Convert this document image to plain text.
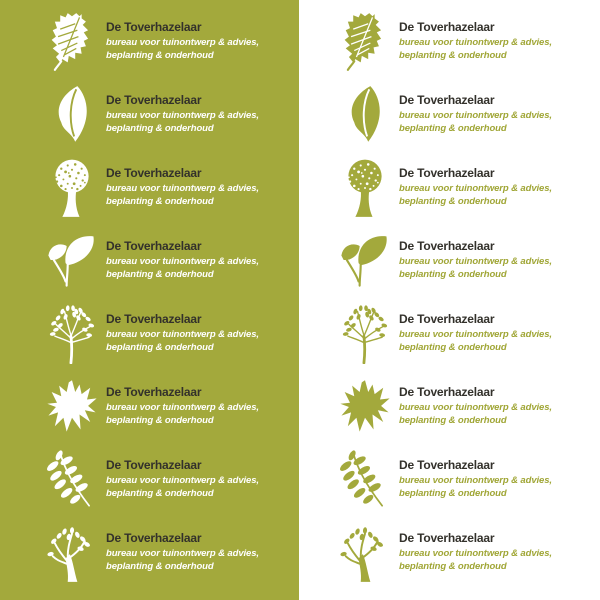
De Toverhazelaar
bureau voor tuinontwerp & advies,
beplanting & onderhoud
De Toverhazelaar
bureau voor tuinontwerp & advies,
beplanting & onderhoud
De Toverhazelaar
bureau voor tuinontwerp & advies,
beplanting & onderhoud
De Toverhazelaar
bureau voor tuinontwerp & advies,
beplanting & onderhoud
De Toverhazelaar
bureau voor tuinontwerp & advies,
beplanting & onderhoud
De Toverhazelaar
bureau voor tuinontwerp & advies,
beplanting & onderhoud
De Toverhazelaar
bureau voor tuinontwerp & advies,
beplanting & onderhoud
De Toverhazelaar
bureau voor tuinontwerp & advies,
beplanting & onderhoud
De Toverhazelaar
bureau voor tuinontwerp & advies,
beplanting & onderhoud
De Toverhazelaar
bureau voor tuinontwerp & advies,
beplanting & onderhoud
De Toverhazelaar
bureau voor tuinontwerp & advies,
beplanting & onderhoud
De Toverhazelaar
bureau voor tuinontwerp & advies,
beplanting & onderhoud
De Toverhazelaar
bureau voor tuinontwerp & advies,
beplanting & onderhoud
De Toverhazelaar
bureau voor tuinontwerp & advies,
beplanting & onderhoud
De Toverhazelaar
bureau voor tuinontwerp & advies,
beplanting & onderhoud
De Toverhazelaar
bureau voor tuinontwerp & advies,
beplanting & onderhoud
